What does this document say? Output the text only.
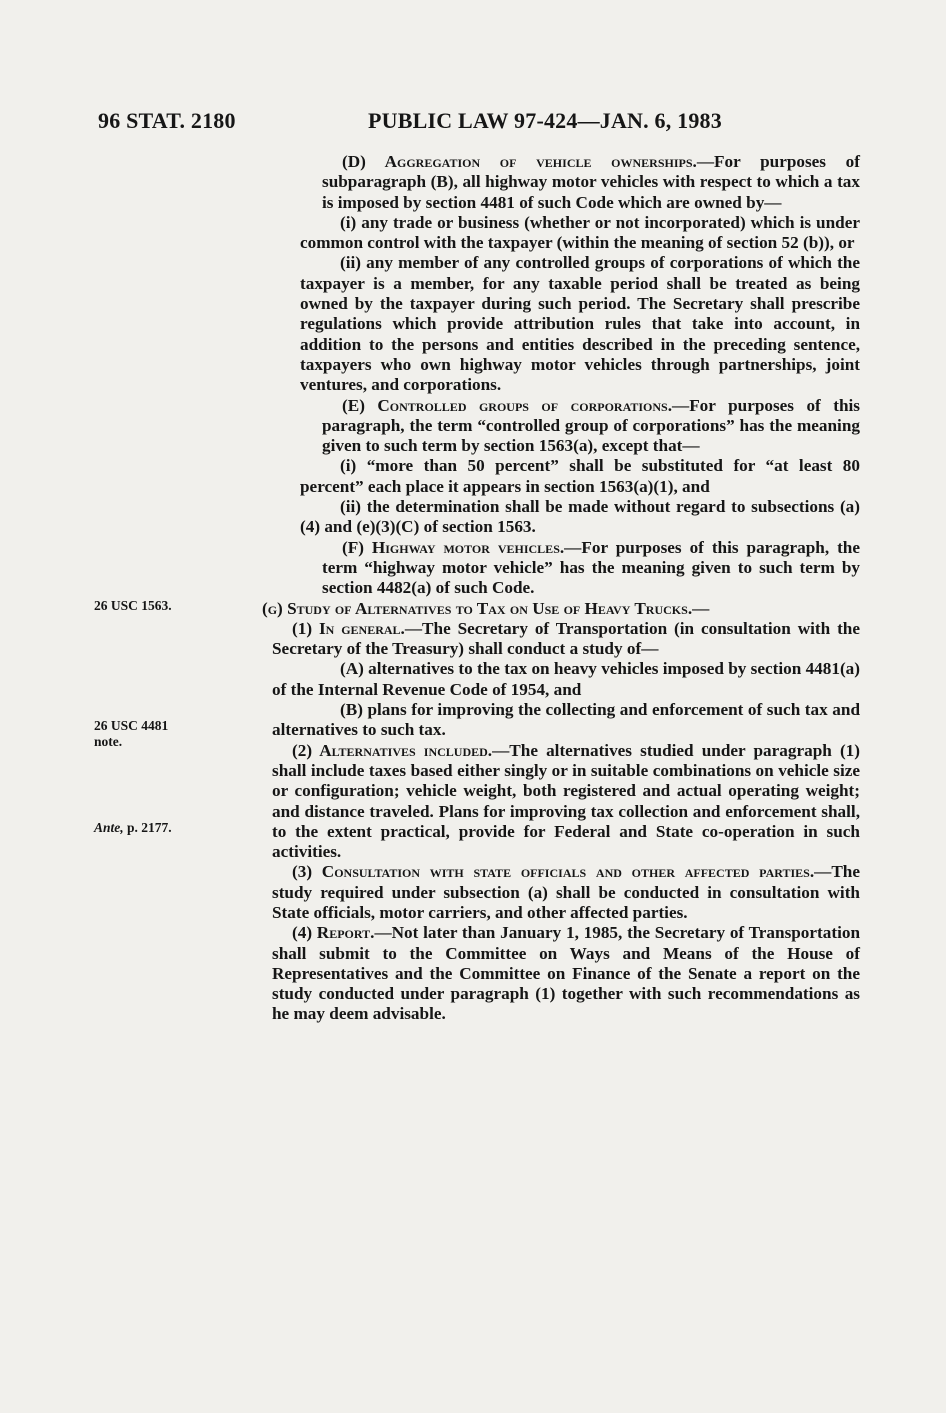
96 STAT. 2180	PUBLIC LAW 97-424—JAN. 6, 1983
26 USC 1563.
26 USC 4481 note.
Ante, p. 2177.

(D) Aggregation of vehicle ownerships.—For purposes of subparagraph (B), all highway motor vehicles with respect to which a tax is imposed by section 4481 of such Code which are owned by—

(i) any trade or business (whether or not incorporated) which is under common control with the taxpayer (within the meaning of section 52 (b)), or

(ii) any member of any controlled groups of corporations of which the taxpayer is a member, for any taxable period shall be treated as being owned by the taxpayer during such period. The Secretary shall prescribe regulations which provide attribution rules that take into account, in addition to the persons and entities described in the preceding sentence, taxpayers who own highway motor vehicles through partnerships, joint ventures, and corporations.

(E) Controlled groups of corporations.—For purposes of this paragraph, the term “controlled group of corporations” has the meaning given to such term by section 1563(a), except that—

(i) “more than 50 percent” shall be substituted for “at least 80 percent” each place it appears in section 1563(a)(1), and

(ii) the determination shall be made without regard to subsections (a)(4) and (e)(3)(C) of section 1563.

(F) Highway motor vehicles.—For purposes of this paragraph, the term “highway motor vehicle” has the meaning given to such term by section 4482(a) of such Code.

(g) Study of Alternatives to Tax on Use of Heavy Trucks.—

(1) In general.—The Secretary of Transportation (in consultation with the Secretary of the Treasury) shall conduct a study of—

(A) alternatives to the tax on heavy vehicles imposed by section 4481(a) of the Internal Revenue Code of 1954, and

(B) plans for improving the collecting and enforcement of such tax and alternatives to such tax.

(2) Alternatives included.—The alternatives studied under paragraph (1) shall include taxes based either singly or in suitable combinations on vehicle size or configuration; vehicle weight, both registered and actual operating weight; and distance traveled. Plans for improving tax collection and enforcement shall, to the extent practical, provide for Federal and State co-operation in such activities.

(3) Consultation with state officials and other affected parties.—The study required under subsection (a) shall be conducted in consultation with State officials, motor carriers, and other affected parties.

(4) Report.—Not later than January 1, 1985, the Secretary of Transportation shall submit to the Committee on Ways and Means of the House of Representatives and the Committee on Finance of the Senate a report on the study conducted under paragraph (1) together with such recommendations as he may deem advisable.
